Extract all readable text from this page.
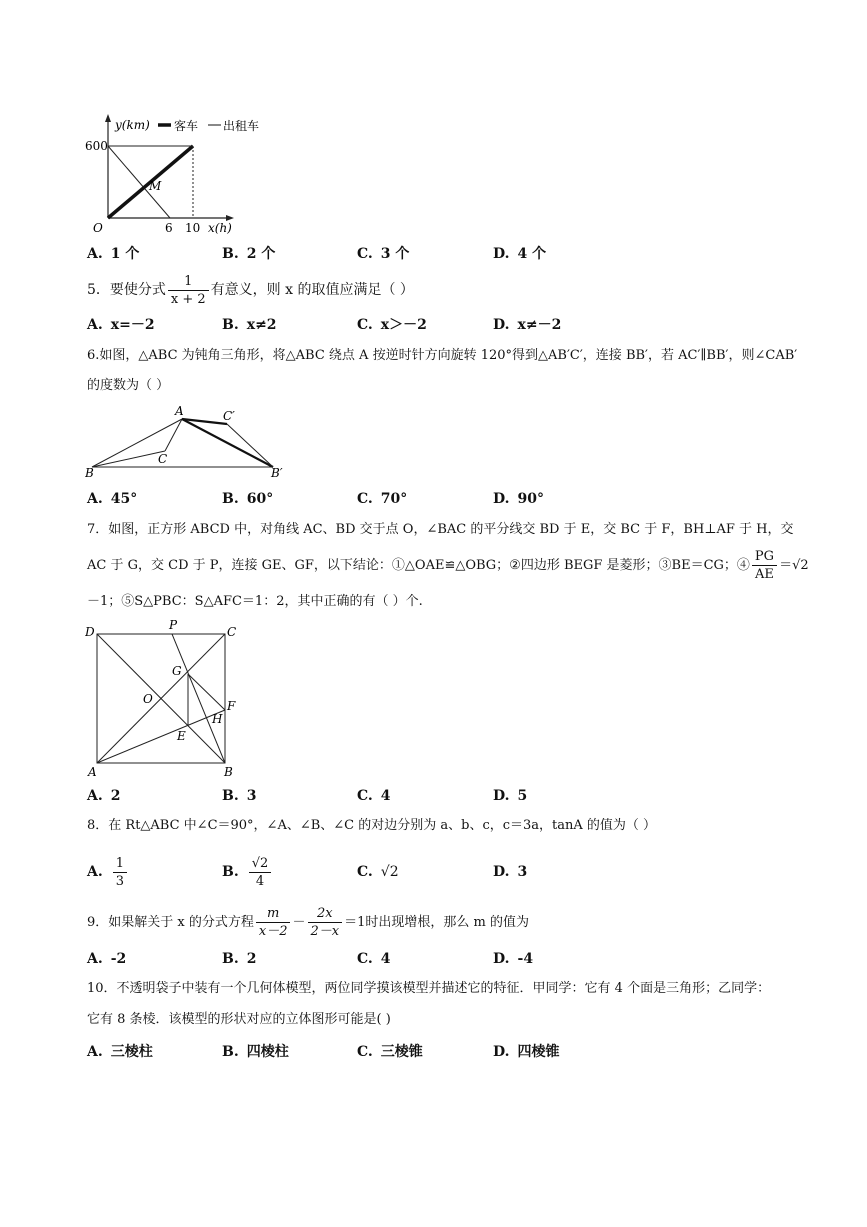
y(km) 客车 出租车
600
O	6 10 x(h)
M
A. 1 个	B. 2 个	C. 3 个	D. 4 个
5．要使分式 $\frac{1}{x + 2}$ 有意义，则 x 的取值应满足（ ）
A. x=－2	B. x≠2	C. x＞－2	D. x≠－2
6.如图，△ABC 为钝角三角形，将△ABC 绕点 A 按逆时针方向旋转 120°得到△AB′C′，连接 BB′，若 AC′∥BB′，则∠CAB′
的度数为（ ）
A	C′
C
B	B′
A. 45°	B. 60°	C. 70°	D. 90°
7．如图，正方形 ABCD 中，对角线 AC、BD 交于点 O，∠BAC 的平分线交 BD 于 E，交 BC 于 F，BH⊥AF 于 H，交
AC 于 G，交 CD 于 P，连接 GE、GF，以下结论：①△OAE≌△OBG；②四边形 BEGF 是菱形；③BE＝CG；④ $\frac{PG}{AE} =√2$
－1；⑤S△PBC：S△AFC＝1：2，其中正确的有（ ）个.
D	P	C
G
O	F
H
E
A	B
A. 2	B. 3	C. 4	D. 5
8．在 Rt△ABC 中∠C＝90°，∠A、∠B、∠C 的对边分别为 a、b、c，c＝3a，tanA 的值为（ ）
A. $\frac{1}{3}$	B. $\frac{√2}{4}$	C. √2	D. 3
9．如果解关于 x 的分式方程 $\frac{m}{x-2} - \frac{2x}{2-x} =1$时出现增根，那么 m 的值为
A. -2	B. 2	C. 4	D. -4
10．不透明袋子中装有一个几何体模型，两位同学摸该模型并描述它的特征．甲同学：它有 4 个面是三角形；乙同学：
它有 8 条棱．该模型的形状对应的立体图形可能是( )
A. 三棱柱	B. 四棱柱	C. 三棱锥	D. 四棱锥
